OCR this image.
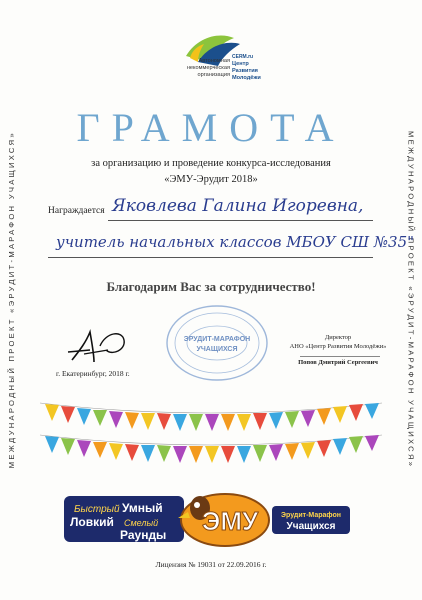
МЕЖДУНАРОДНЫЙ ПРОЕКТ «ЭРУДИТ-МАРАФОН УЧАЩИХСЯ»	МЕЖДУНАРОДНЫЙ ПРОЕКТ «ЭРУДИТ-МАРАФОН УЧАЩИХСЯ»
CERM.ru
Автономная
некоммерческая
организация
Центр
Развития
Молодёжи
ГРАМОТА
за организацию и проведение конкурса-исследования
«ЭМУ-Эрудит 2018»
Награждается Яковлева Галина Игоревна,
учитель начальных классов МБОУ СШ №35"
Благодарим Вас за сотрудничество!
г. Екатеринбург, 2018 г.
ЭРУДИТ-МАРАФОН
УЧАЩИХСЯ
Директор
АНО «Центр Развития Молодёжи»
Попов Дмитрий Сергеевич
Быстрый Умный
Ловкий Смелый
Раунды ЭМУ	Эрудит-Марафон
Учащихся
Лицензия № 19031 от 22.09.2016 г.
